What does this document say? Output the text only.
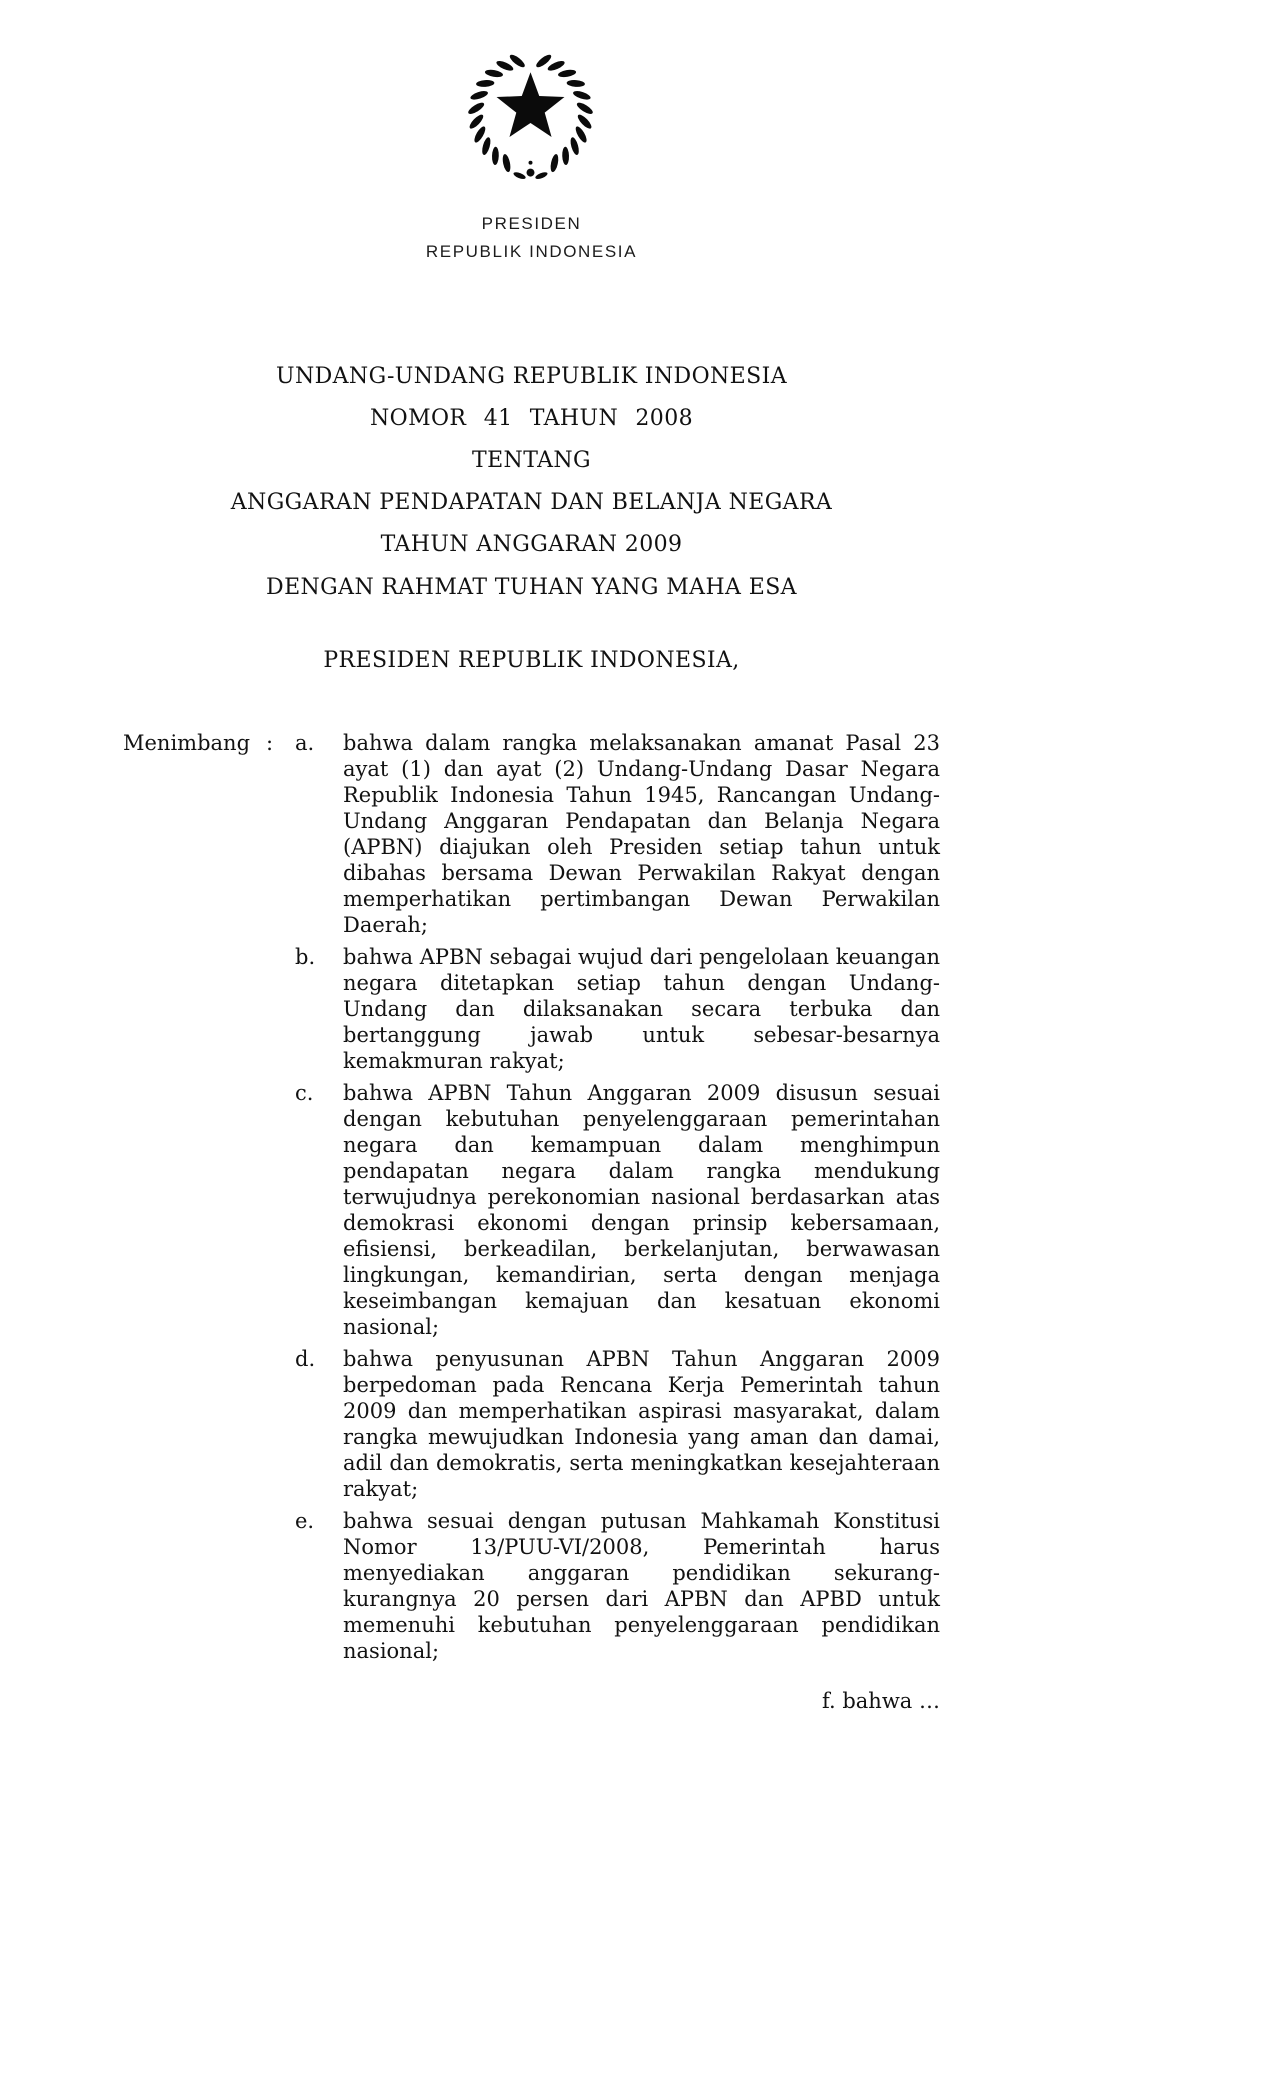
PRESIDEN
REPUBLIK INDONESIA
UNDANG-UNDANG REPUBLIK INDONESIA
NOMOR 41 TAHUN 2008
TENTANG
ANGGARAN PENDAPATAN DAN BELANJA NEGARA
TAHUN ANGGARAN 2009
DENGAN RAHMAT TUHAN YANG MAHA ESA
PRESIDEN REPUBLIK INDONESIA,
Menimbang :	a.	bahwa dalam rangka melaksanakan amanat Pasal 23 ayat (1) dan ayat (2) Undang-Undang Dasar Negara Republik Indonesia Tahun 1945, Rancangan Undang-Undang Anggaran Pendapatan dan Belanja Negara (APBN) diajukan oleh Presiden setiap tahun untuk dibahas bersama Dewan Perwakilan Rakyat dengan memperhatikan pertimbangan Dewan Perwakilan Daerah;
b.	bahwa APBN sebagai wujud dari pengelolaan keuangan negara ditetapkan setiap tahun dengan Undang-Undang dan dilaksanakan secara terbuka dan bertanggung jawab untuk sebesar-besarnya kemakmuran rakyat;
c.	bahwa APBN Tahun Anggaran 2009 disusun sesuai dengan kebutuhan penyelenggaraan pemerintahan negara dan kemampuan dalam menghimpun pendapatan negara dalam rangka mendukung terwujudnya perekonomian nasional berdasarkan atas demokrasi ekonomi dengan prinsip kebersamaan, efisiensi, berkeadilan, berkelanjutan, berwawasan lingkungan, kemandirian, serta dengan menjaga keseimbangan kemajuan dan kesatuan ekonomi nasional;
d.	bahwa penyusunan APBN Tahun Anggaran 2009 berpedoman pada Rencana Kerja Pemerintah tahun 2009 dan memperhatikan aspirasi masyarakat, dalam rangka mewujudkan Indonesia yang aman dan damai, adil dan demokratis, serta meningkatkan kesejahteraan rakyat;
e.	bahwa sesuai dengan putusan Mahkamah Konstitusi Nomor 13/PUU-VI/2008, Pemerintah harus menyediakan anggaran pendidikan sekurang-kurangnya 20 persen dari APBN dan APBD untuk memenuhi kebutuhan penyelenggaraan pendidikan nasional;
f. bahwa …
